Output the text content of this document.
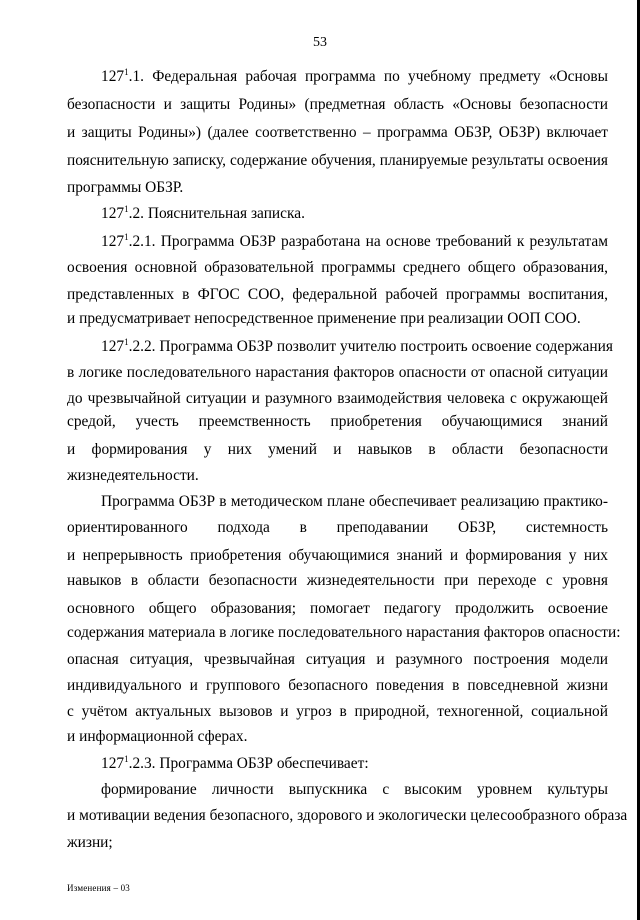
53
$127^1.1$. Федеральная рабочая программа по учебному предмету «Основы
безопасности и защиты Родины» (предметная область «Основы безопасности
и защиты Родины») (далее соответственно – программа ОБЗР, ОБЗР) включает
пояснительную записку, содержание обучения, планируемые результаты освоения
программы ОБЗР.
$127^1.2$. Пояснительная записка.
$127^1.2.1$. Программа ОБЗР разработана на основе требований к результатам
освоения основной образовательной программы среднего общего образования,
представленных в ФГОС СОО, федеральной рабочей программы воспитания,
и предусматривает непосредственное применение при реализации ООП СОО.
$127^1.2.2$. Программа ОБЗР позволит учителю построить освоение содержания
в логике последовательного нарастания факторов опасности от опасной ситуации
до чрезвычайной ситуации и разумного взаимодействия человека с окружающей
средой, учесть преемственность приобретения обучающимися знаний
и формирования у них умений и навыков в области безопасности
жизнедеятельности.
Программа ОБЗР в методическом плане обеспечивает реализацию практико-
ориентированного подхода в преподавании ОБЗР, системность
и непрерывность приобретения обучающимися знаний и формирования у них
навыков в области безопасности жизнедеятельности при переходе с уровня
основного общего образования; помогает педагогу продолжить освоение
содержания материала в логике последовательного нарастания факторов опасности:
опасная ситуация, чрезвычайная ситуация и разумного построения модели
индивидуального и группового безопасного поведения в повседневной жизни
с учётом актуальных вызовов и угроз в природной, техногенной, социальной
и информационной сферах.
$127^1.2.3$. Программа ОБЗР обеспечивает:
формирование личности выпускника с высоким уровнем культуры
и мотивации ведения безопасного, здорового и экологически целесообразного образа
жизни;
Изменения – 03
